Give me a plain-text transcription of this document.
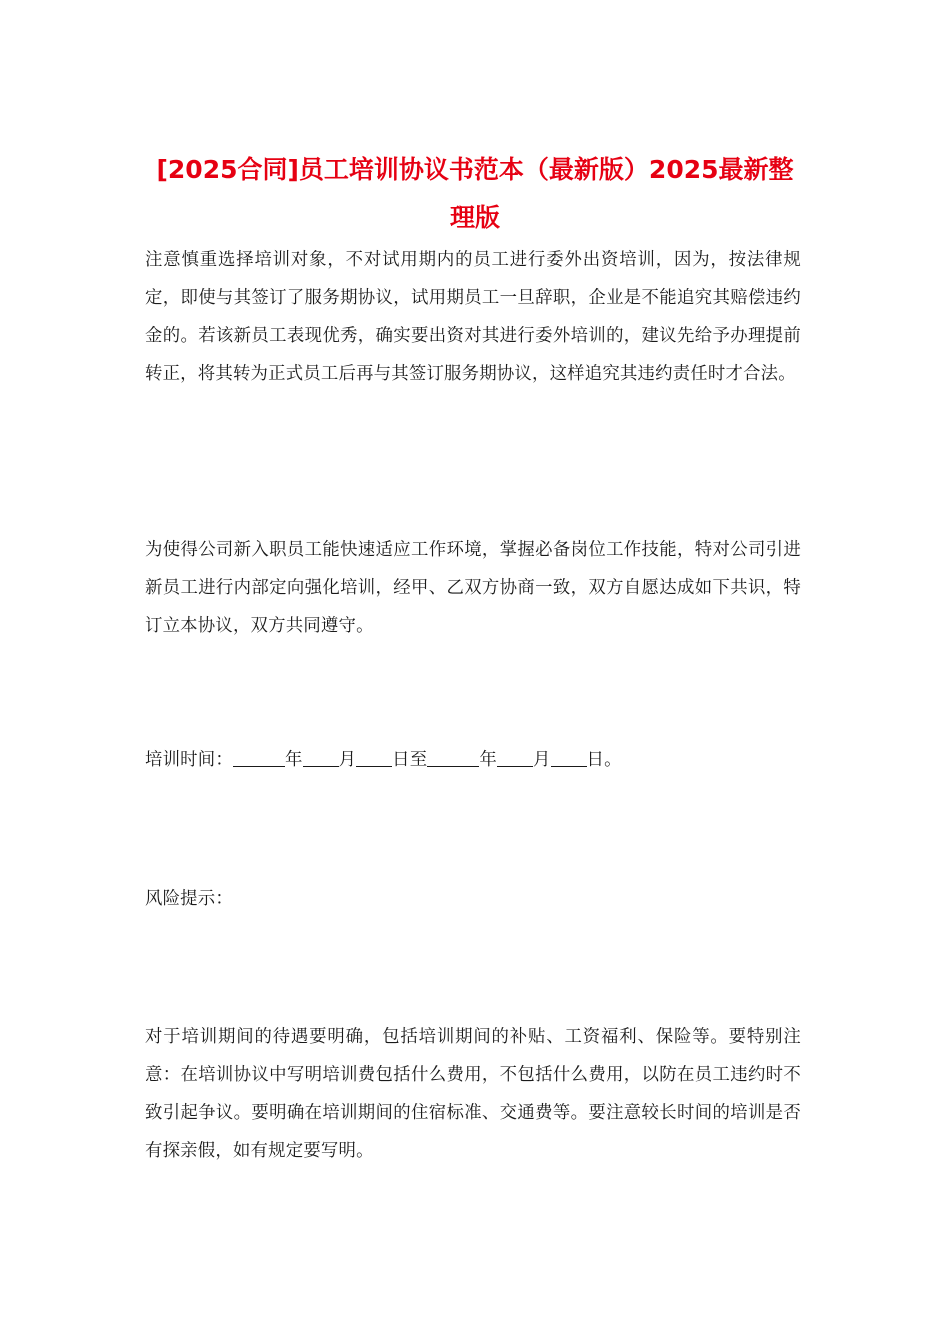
[2025合同]员工培训协议书范本（最新版）2025最新整理版

注意慎重选择培训对象，不对试用期内的员工进行委外出资培训，因为，按法律规定，即使与其签订了服务期协议，试用期员工一旦辞职，企业是不能追究其赔偿违约金的。若该新员工表现优秀，确实要出资对其进行委外培训的，建议先给予办理提前转正，将其转为正式员工后再与其签订服务期协议，这样追究其违约责任时才合法。

为使得公司新入职员工能快速适应工作环境，掌握必备岗位工作技能，特对公司引进新员工进行内部定向强化培训，经甲、乙双方协商一致，双方自愿达成如下共识，特订立本协议，双方共同遵守。

培训时间：	年 月 日至	年 月 日。

风险提示：

对于培训期间的待遇要明确，包括培训期间的补贴、工资福利、保险等。要特别注意：在培训协议中写明培训费包括什么费用，不包括什么费用，以防在员工违约时不致引起争议。要明确在培训期间的住宿标准、交通费等。要注意较长时间的培训是否有探亲假，如有规定要写明。
